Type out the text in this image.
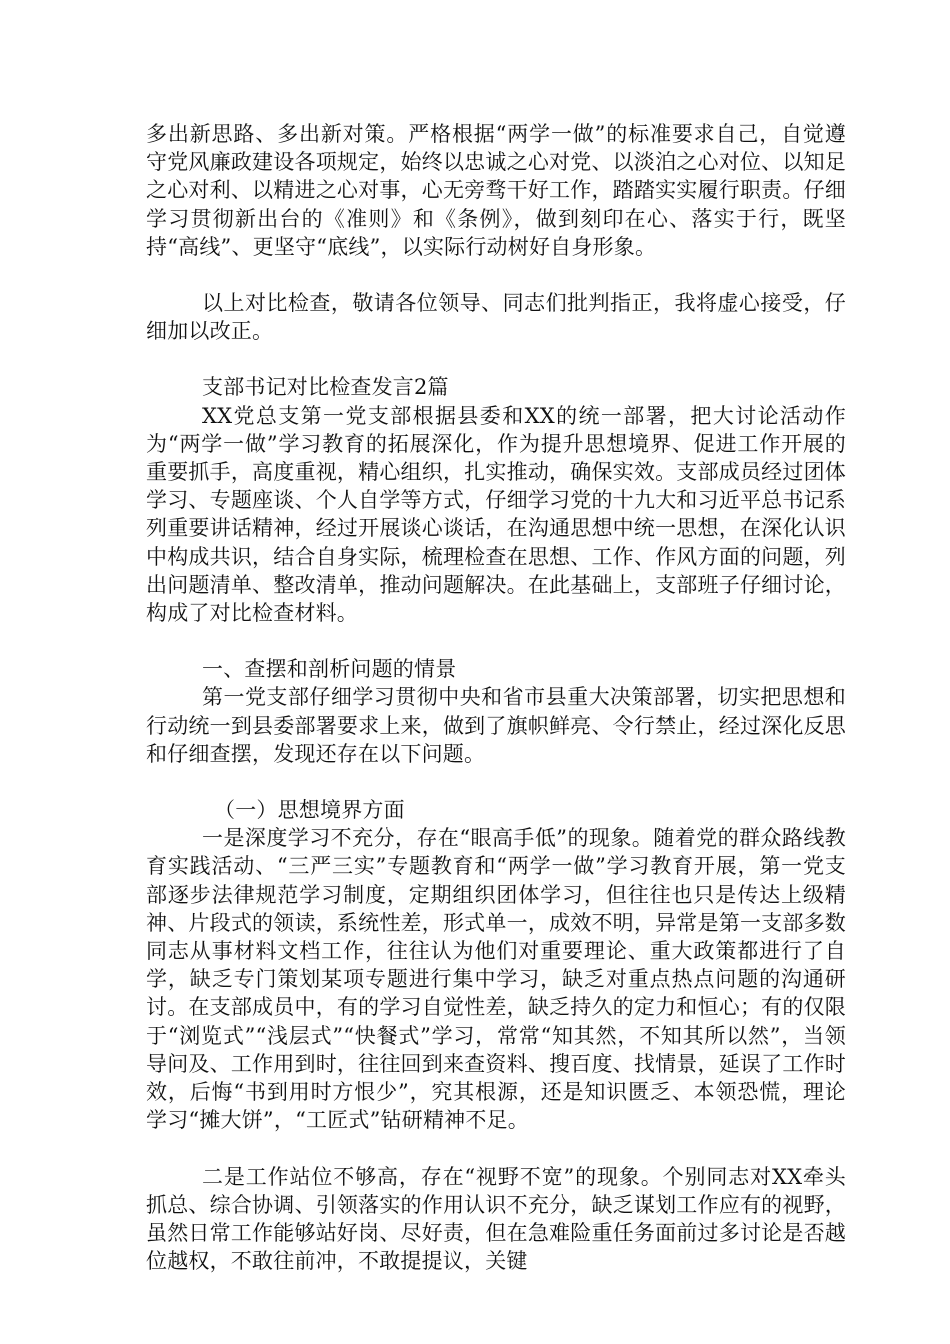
多出新思路、多出新对策。严格根据“两学一做”的标准要求自己，自觉遵守党风廉政建设各项规定，始终以忠诚之心对党、以淡泊之心对位、以知足之心对利、以精进之心对事，心无旁骛干好工作，踏踏实实履行职责。仔细学习贯彻新出台的《准则》和《条例》，做到刻印在心、落实于行，既坚持“高线”、更坚守“底线”，以实际行动树好自身形象。

以上对比检查，敬请各位领导、同志们批判指正，我将虚心接受，仔细加以改正。

支部书记对比检查发言2篇

XX党总支第一党支部根据县委和XX的统一部署，把大讨论活动作为“两学一做”学习教育的拓展深化，作为提升思想境界、促进工作开展的重要抓手，高度重视，精心组织，扎实推动，确保实效。支部成员经过团体学习、专题座谈、个人自学等方式，仔细学习党的十九大和习近平总书记系列重要讲话精神，经过开展谈心谈话，在沟通思想中统一思想，在深化认识中构成共识，结合自身实际，梳理检查在思想、工作、作风方面的问题，列出问题清单、整改清单，推动问题解决。在此基础上，支部班子仔细讨论，构成了对比检查材料。

一、查摆和剖析问题的情景

第一党支部仔细学习贯彻中央和省市县重大决策部署，切实把思想和行动统一到县委部署要求上来，做到了旗帜鲜亮、令行禁止，经过深化反思和仔细查摆，发现还存在以下问题。

（一）思想境界方面

一是深度学习不充分，存在“眼高手低”的现象。随着党的群众路线教育实践活动、“三严三实”专题教育和“两学一做”学习教育开展，第一党支部逐步法律规范学习制度，定期组织团体学习，但往往也只是传达上级精神、片段式的领读，系统性差，形式单一，成效不明，异常是第一支部多数同志从事材料文档工作，往往认为他们对重要理论、重大政策都进行了自学，缺乏专门策划某项专题进行集中学习，缺乏对重点热点问题的沟通研讨。在支部成员中，有的学习自觉性差，缺乏持久的定力和恒心；有的仅限于“浏览式”“浅层式”“快餐式”学习，常常“知其然，不知其所以然”，当领导问及、工作用到时，往往回到来查资料、搜百度、找情景，延误了工作时效，后悔“书到用时方恨少”，究其根源，还是知识匮乏、本领恐慌，理论学习“摊大饼”，“工匠式”钻研精神不足。

二是工作站位不够高，存在“视野不宽”的现象。个别同志对XX牵头抓总、综合协调、引领落实的作用认识不充分，缺乏谋划工作应有的视野，虽然日常工作能够站好岗、尽好责，但在急难险重任务面前过多讨论是否越位越权，不敢往前冲，不敢提提议，关键
